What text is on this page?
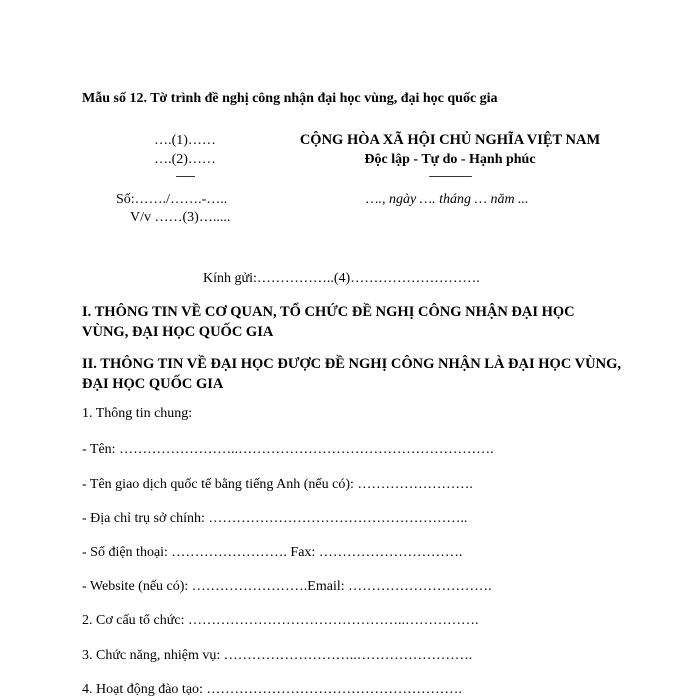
Mẫu số 12. Tờ trình đề nghị công nhận đại học vùng, đại học quốc gia
….(1)……
….(2)……
-------
Số:……./…….-…..
V/v ……(3)….....
CỘNG HÒA XÃ HỘI CHỦ NGHĨA VIỆT NAM
Độc lập - Tự do - Hạnh phúc
----------------
…., ngày …. tháng … năm ...
Kính gửi:……………..(4)……………………….
I. THÔNG TIN VỀ CƠ QUAN, TỔ CHỨC ĐỀ NGHỊ CÔNG NHẬN ĐẠI HỌC VÙNG, ĐẠI HỌC QUỐC GIA
II. THÔNG TIN VỀ ĐẠI HỌC ĐƯỢC ĐỀ NGHỊ CÔNG NHẬN LÀ ĐẠI HỌC VÙNG, ĐẠI HỌC QUỐC GIA
1. Thông tin chung:
- Tên: ……………………..……………………………………………….
- Tên giao dịch quốc tế bằng tiếng Anh (nếu có): …………………….
- Địa chỉ trụ sở chính: ………………………………………………..
- Số điện thoại: ……………………. Fax: ………………………….
- Website (nếu có): …………………….Email: ………………………….
2. Cơ cấu tổ chức: ………………………………………..…………….
3. Chức năng, nhiệm vụ: ………………………..…………………….
4. Hoạt động đào tạo: ……………………………………………….
